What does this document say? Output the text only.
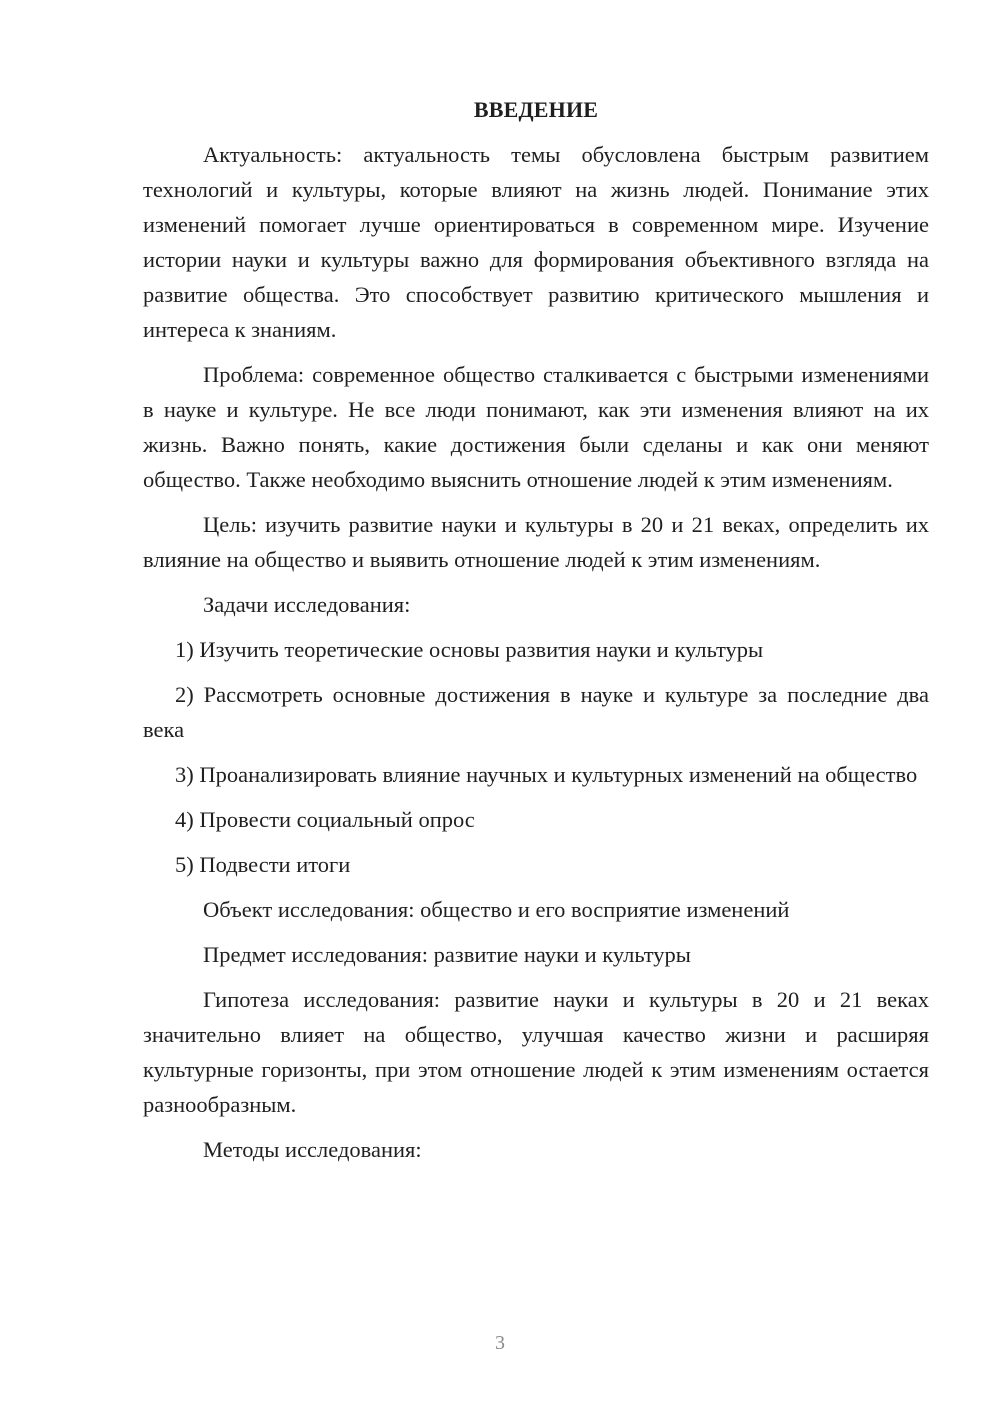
ВВЕДЕНИЕ

Актуальность: актуальность темы обусловлена быстрым развитием технологий и культуры, которые влияют на жизнь людей. Понимание этих изменений помогает лучше ориентироваться в современном мире. Изучение истории науки и культуры важно для формирования объективного взгляда на развитие общества. Это способствует развитию критического мышления и интереса к знаниям.

Проблема: современное общество сталкивается с быстрыми изменениями в науке и культуре. Не все люди понимают, как эти изменения влияют на их жизнь. Важно понять, какие достижения были сделаны и как они меняют общество. Также необходимо выяснить отношение людей к этим изменениям.

Цель: изучить развитие науки и культуры в 20 и 21 веках, определить их влияние на общество и выявить отношение людей к этим изменениям.

Задачи исследования:

1) Изучить теоретические основы развития науки и культуры

2) Рассмотреть основные достижения в науке и культуре за последние два века

3) Проанализировать влияние научных и культурных изменений на общество

4) Провести социальный опрос

5) Подвести итоги

Объект исследования: общество и его восприятие изменений

Предмет исследования: развитие науки и культуры

Гипотеза исследования: развитие науки и культуры в 20 и 21 веках значительно влияет на общество, улучшая качество жизни и расширяя культурные горизонты, при этом отношение людей к этим изменениям остается разнообразным.

Методы исследования:

3
